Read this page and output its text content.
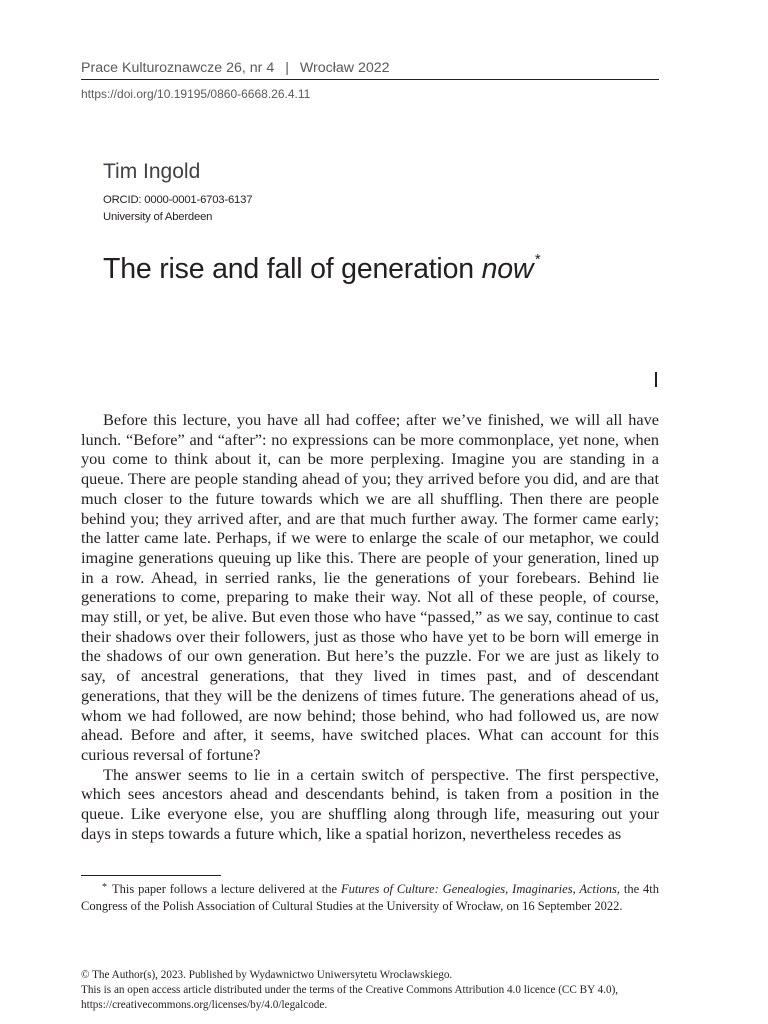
Prace Kulturoznawcze 26, nr 4 | Wrocław 2022
https://doi.org/10.19195/0860-6668.26.4.11
Tim Ingold
ORCID: 0000-0001-6703-6137
University of Aberdeen
The rise and fall of generation now*

Before this lecture, you have all had coffee; after we’ve finished, we will all have lunch. “Before” and “after”: no expressions can be more commonplace, yet none, when you come to think about it, can be more perplexing. Imagine you are standing in a queue. There are people standing ahead of you; they arrived before you did, and are that much closer to the future towards which we are all shuffling. Then there are people behind you; they arrived after, and are that much further away. The former came early; the latter came late. Perhaps, if we were to enlarge the scale of our metaphor, we could imagine generations queuing up like this. There are people of your generation, lined up in a row. Ahead, in serried ranks, lie the generations of your forebears. Behind lie generations to come, preparing to make their way. Not all of these people, of course, may still, or yet, be alive. But even those who have “passed,” as we say, continue to cast their shadows over their followers, just as those who have yet to be born will emerge in the shadows of our own generation. But here’s the puzzle. For we are just as likely to say, of ancestral generations, that they lived in times past, and of descendant generations, that they will be the denizens of times future. The generations ahead of us, whom we had followed, are now behind; those behind, who had followed us, are now ahead. Before and after, it seems, have switched places. What can account for this curious reversal of fortune?

The answer seems to lie in a certain switch of perspective. The first perspective, which sees ancestors ahead and descendants behind, is taken from a position in the queue. Like everyone else, you are shuffling along through life, measuring out your days in steps towards a future which, like a spatial horizon, nevertheless recedes as

* This paper follows a lecture delivered at the Futures of Culture: Genealogies, Imaginaries, Actions, the 4th Congress of the Polish Association of Cultural Studies at the University of Wrocław, on 16 September 2022.
© The Author(s), 2023. Published by Wydawnictwo Uniwersytetu Wrocławskiego.
This is an open access article distributed under the terms of the Creative Commons Attribution 4.0 licence (CC BY 4.0),
https://creativecommons.org/licenses/by/4.0/legalcode.
